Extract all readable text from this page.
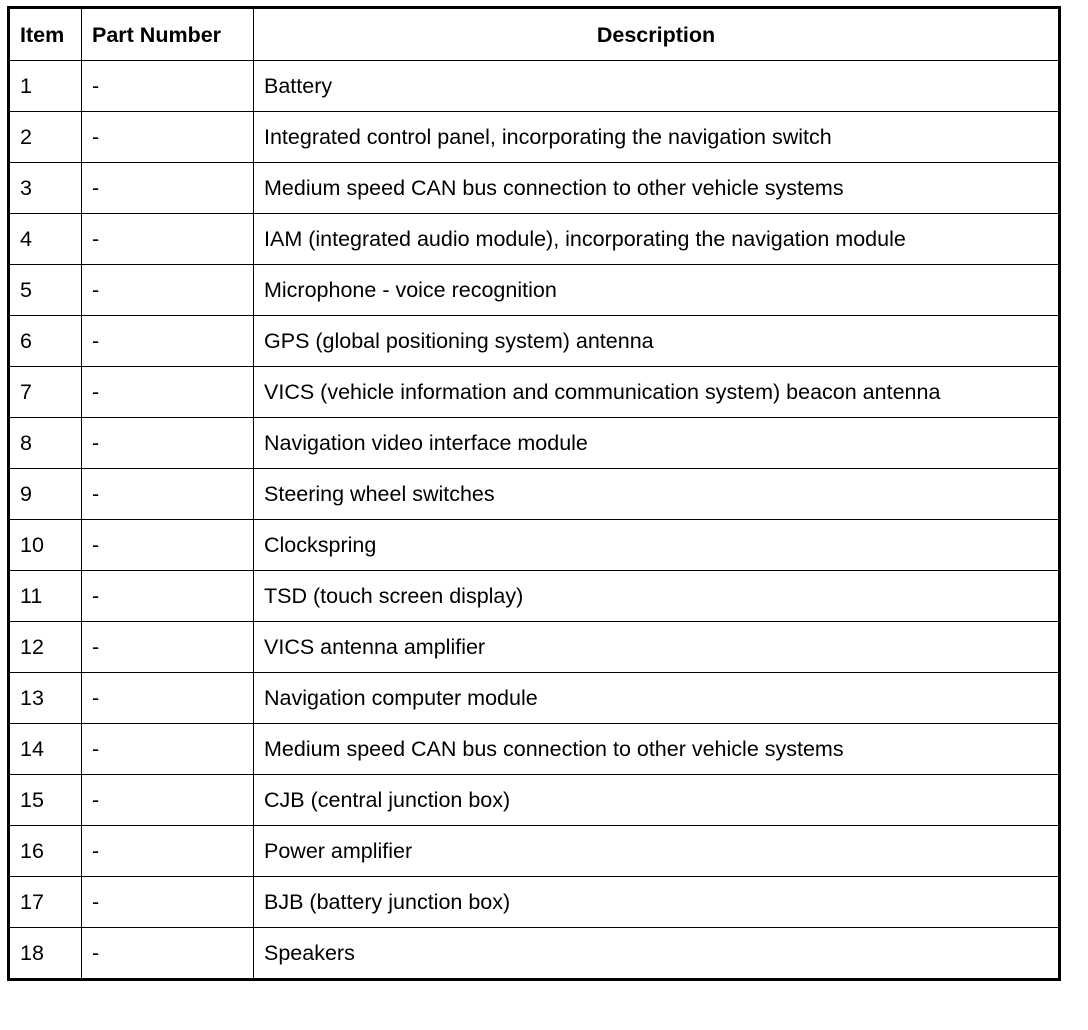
Item	Part Number	Description
1	-	Battery
2	-	Integrated control panel, incorporating the navigation switch
3	-	Medium speed CAN bus connection to other vehicle systems
4	-	IAM (integrated audio module), incorporating the navigation module
5	-	Microphone - voice recognition
6	-	GPS (global positioning system) antenna
7	-	VICS (vehicle information and communication system) beacon antenna
8	-	Navigation video interface module
9	-	Steering wheel switches
10	-	Clockspring
11	-	TSD (touch screen display)
12	-	VICS antenna amplifier
13	-	Navigation computer module
14	-	Medium speed CAN bus connection to other vehicle systems
15	-	CJB (central junction box)
16	-	Power amplifier
17	-	BJB (battery junction box)
18	-	Speakers
